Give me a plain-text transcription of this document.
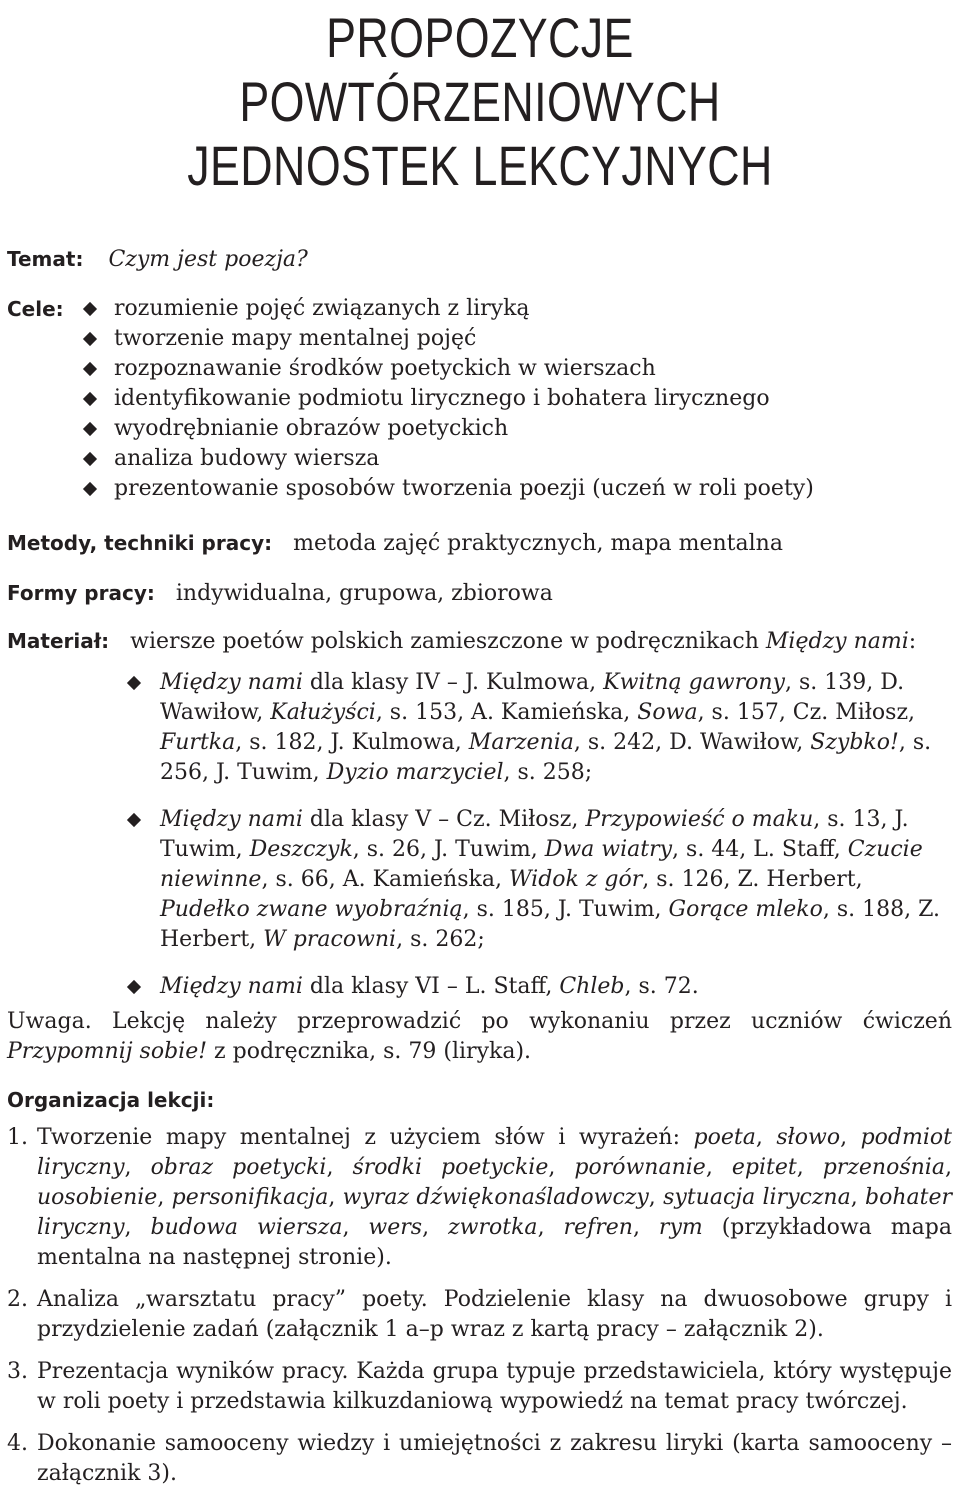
PROPOZYCJE POWTÓRZENIOWYCH
JEDNOSTEK LEKCYJNYCH
Temat: Czym jest poezja?
Cele:	rozumienie pojęć związanych z liryką
tworzenie mapy mentalnej pojęć
rozpoznawanie środków poetyckich w wierszach
identyfikowanie podmiotu lirycznego i bohatera lirycznego
wyodrębnianie obrazów poetyckich
analiza budowy wiersza
prezentowanie sposobów tworzenia poezji (uczeń w roli poety)
Metody, techniki pracy: metoda zajęć praktycznych, mapa mentalna
Formy pracy: indywidualna, grupowa, zbiorowa
Materiał: wiersze poetów polskich zamieszczone w podręcznikach Między nami:
Między nami dla klasy IV – J. Kulmowa, Kwitną gawrony, s. 139, D. Wawiłow, Kałużyści, s. 153, A. Kamieńska, Sowa, s. 157, Cz. Miłosz, Furtka, s. 182, J. Kulmowa, Marzenia, s. 242, D. Wawiłow, Szybko!, s. 256, J. Tuwim, Dyzio marzyciel, s. 258;
Między nami dla klasy V – Cz. Miłosz, Przypowieść o maku, s. 13, J. Tuwim, Deszczyk, s. 26, J. Tuwim, Dwa wiatry, s. 44, L. Staff, Czucie niewinne, s. 66, A. Kamieńska, Widok z gór, s. 126, Z. Herbert, Pudełko zwane wyobraźnią, s. 185, J. Tuwim, Gorące mleko, s. 188, Z. Herbert, W pracowni, s. 262;
Między nami dla klasy VI – L. Staff, Chleb, s. 72.
Uwaga. Lekcję należy przeprowadzić po wykonaniu przez uczniów ćwiczeń Przypomnij sobie! z podręcznika, s. 79 (liryka).
Organizacja lekcji:
1. Tworzenie mapy mentalnej z użyciem słów i wyrażeń: poeta, słowo, podmiot liryczny, obraz poetycki, środki poetyckie, porównanie, epitet, przenośnia, uosobienie, personifikacja, wyraz dźwiękonaśladowczy, sytuacja liryczna, bohater liryczny, budowa wiersza, wers, zwrotka, refren, rym (przykładowa mapa mentalna na następnej stronie).
2. Analiza „warsztatu pracy” poety. Podzielenie klasy na dwuosobowe grupy i przydzielenie zadań (załącznik 1 a–p wraz z kartą pracy – załącznik 2).
3. Prezentacja wyników pracy. Każda grupa typuje przedstawiciela, który występuje w roli poety i przedstawia kilkuzdaniową wypowiedź na temat pracy twórczej.
4. Dokonanie samooceny wiedzy i umiejętności z zakresu liryki (karta samooceny – załącznik 3).
